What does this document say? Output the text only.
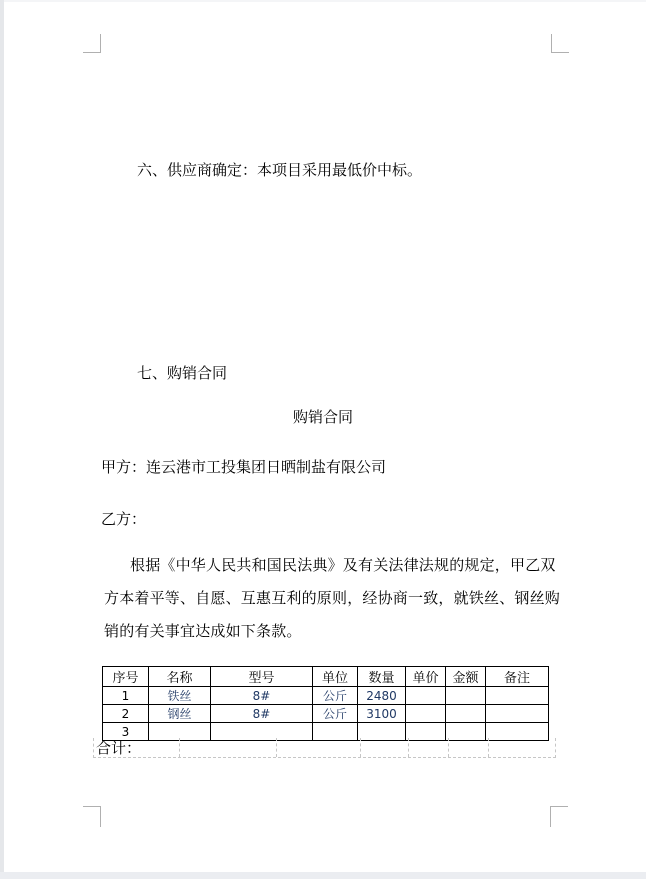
六、供应商确定：本项目采用最低价中标。
七、购销合同
购销合同
甲方：连云港市工投集团日晒制盐有限公司
乙方：
根据《中华人民共和国民法典》及有关法律法规的规定，甲乙双
方本着平等、自愿、互惠互利的原则，经协商一致，就铁丝、钢丝购
销的有关事宜达成如下条款。
序号	名称	型号	单位	数量	单价	金额	备注
1	铁丝	8#	公斤	2480			
2	钢丝	8#	公斤	3100			
3							
合计：
